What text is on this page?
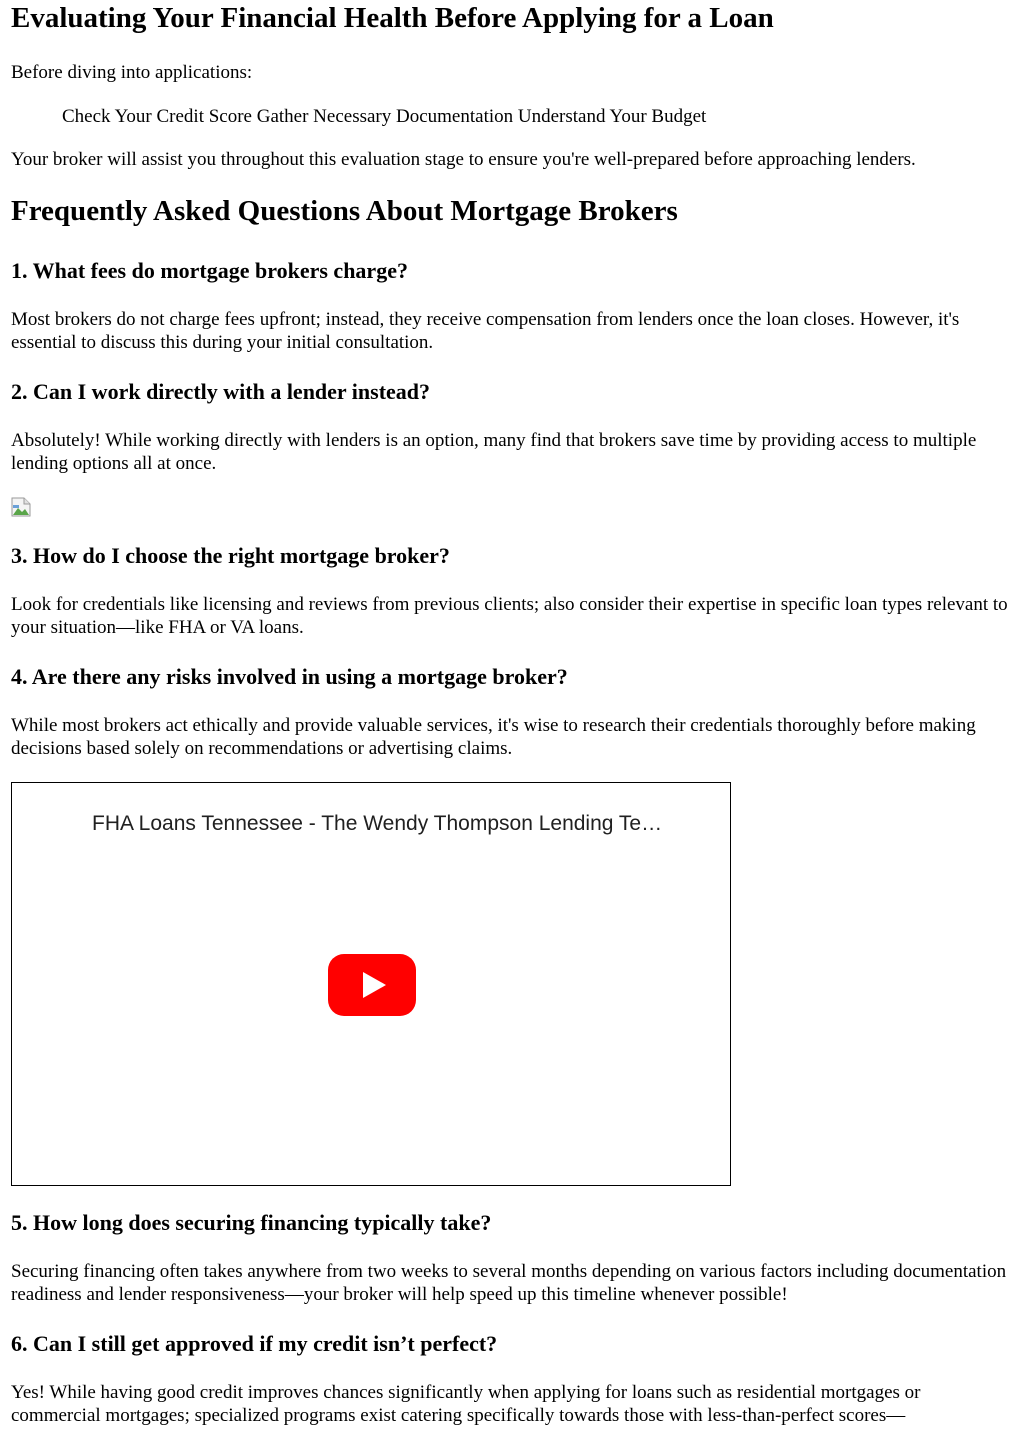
Evaluating Your Financial Health Before Applying for a Loan

Before diving into applications:

Check Your Credit Score Gather Necessary Documentation Understand Your Budget

Your broker will assist you throughout this evaluation stage to ensure you're well-prepared before approaching lenders.

Frequently Asked Questions About Mortgage Brokers
1. What fees do mortgage brokers charge?

Most brokers do not charge fees upfront; instead, they receive compensation from lenders once the loan closes. However, it's essential to discuss this during your initial consultation.

2. Can I work directly with a lender instead?

Absolutely! While working directly with lenders is an option, many find that brokers save time by providing access to multiple lending options all at once.

3. How do I choose the right mortgage broker?

Look for credentials like licensing and reviews from previous clients; also consider their expertise in specific loan types relevant to your situation—like FHA or VA loans.

4. Are there any risks involved in using a mortgage broker?

While most brokers act ethically and provide valuable services, it's wise to research their credentials thoroughly before making decisions based solely on recommendations or advertising claims.

FHA Loans Tennessee - The Wendy Thompson Lending Te…
5. How long does securing financing typically take?

Securing financing often takes anywhere from two weeks to several months depending on various factors including documentation readiness and lender responsiveness—your broker will help speed up this timeline whenever possible!

6. Can I still get approved if my credit isn’t perfect?

Yes! While having good credit improves chances significantly when applying for loans such as residential mortgages or commercial mortgages; specialized programs exist catering specifically towards those with less-than-perfect scores—
